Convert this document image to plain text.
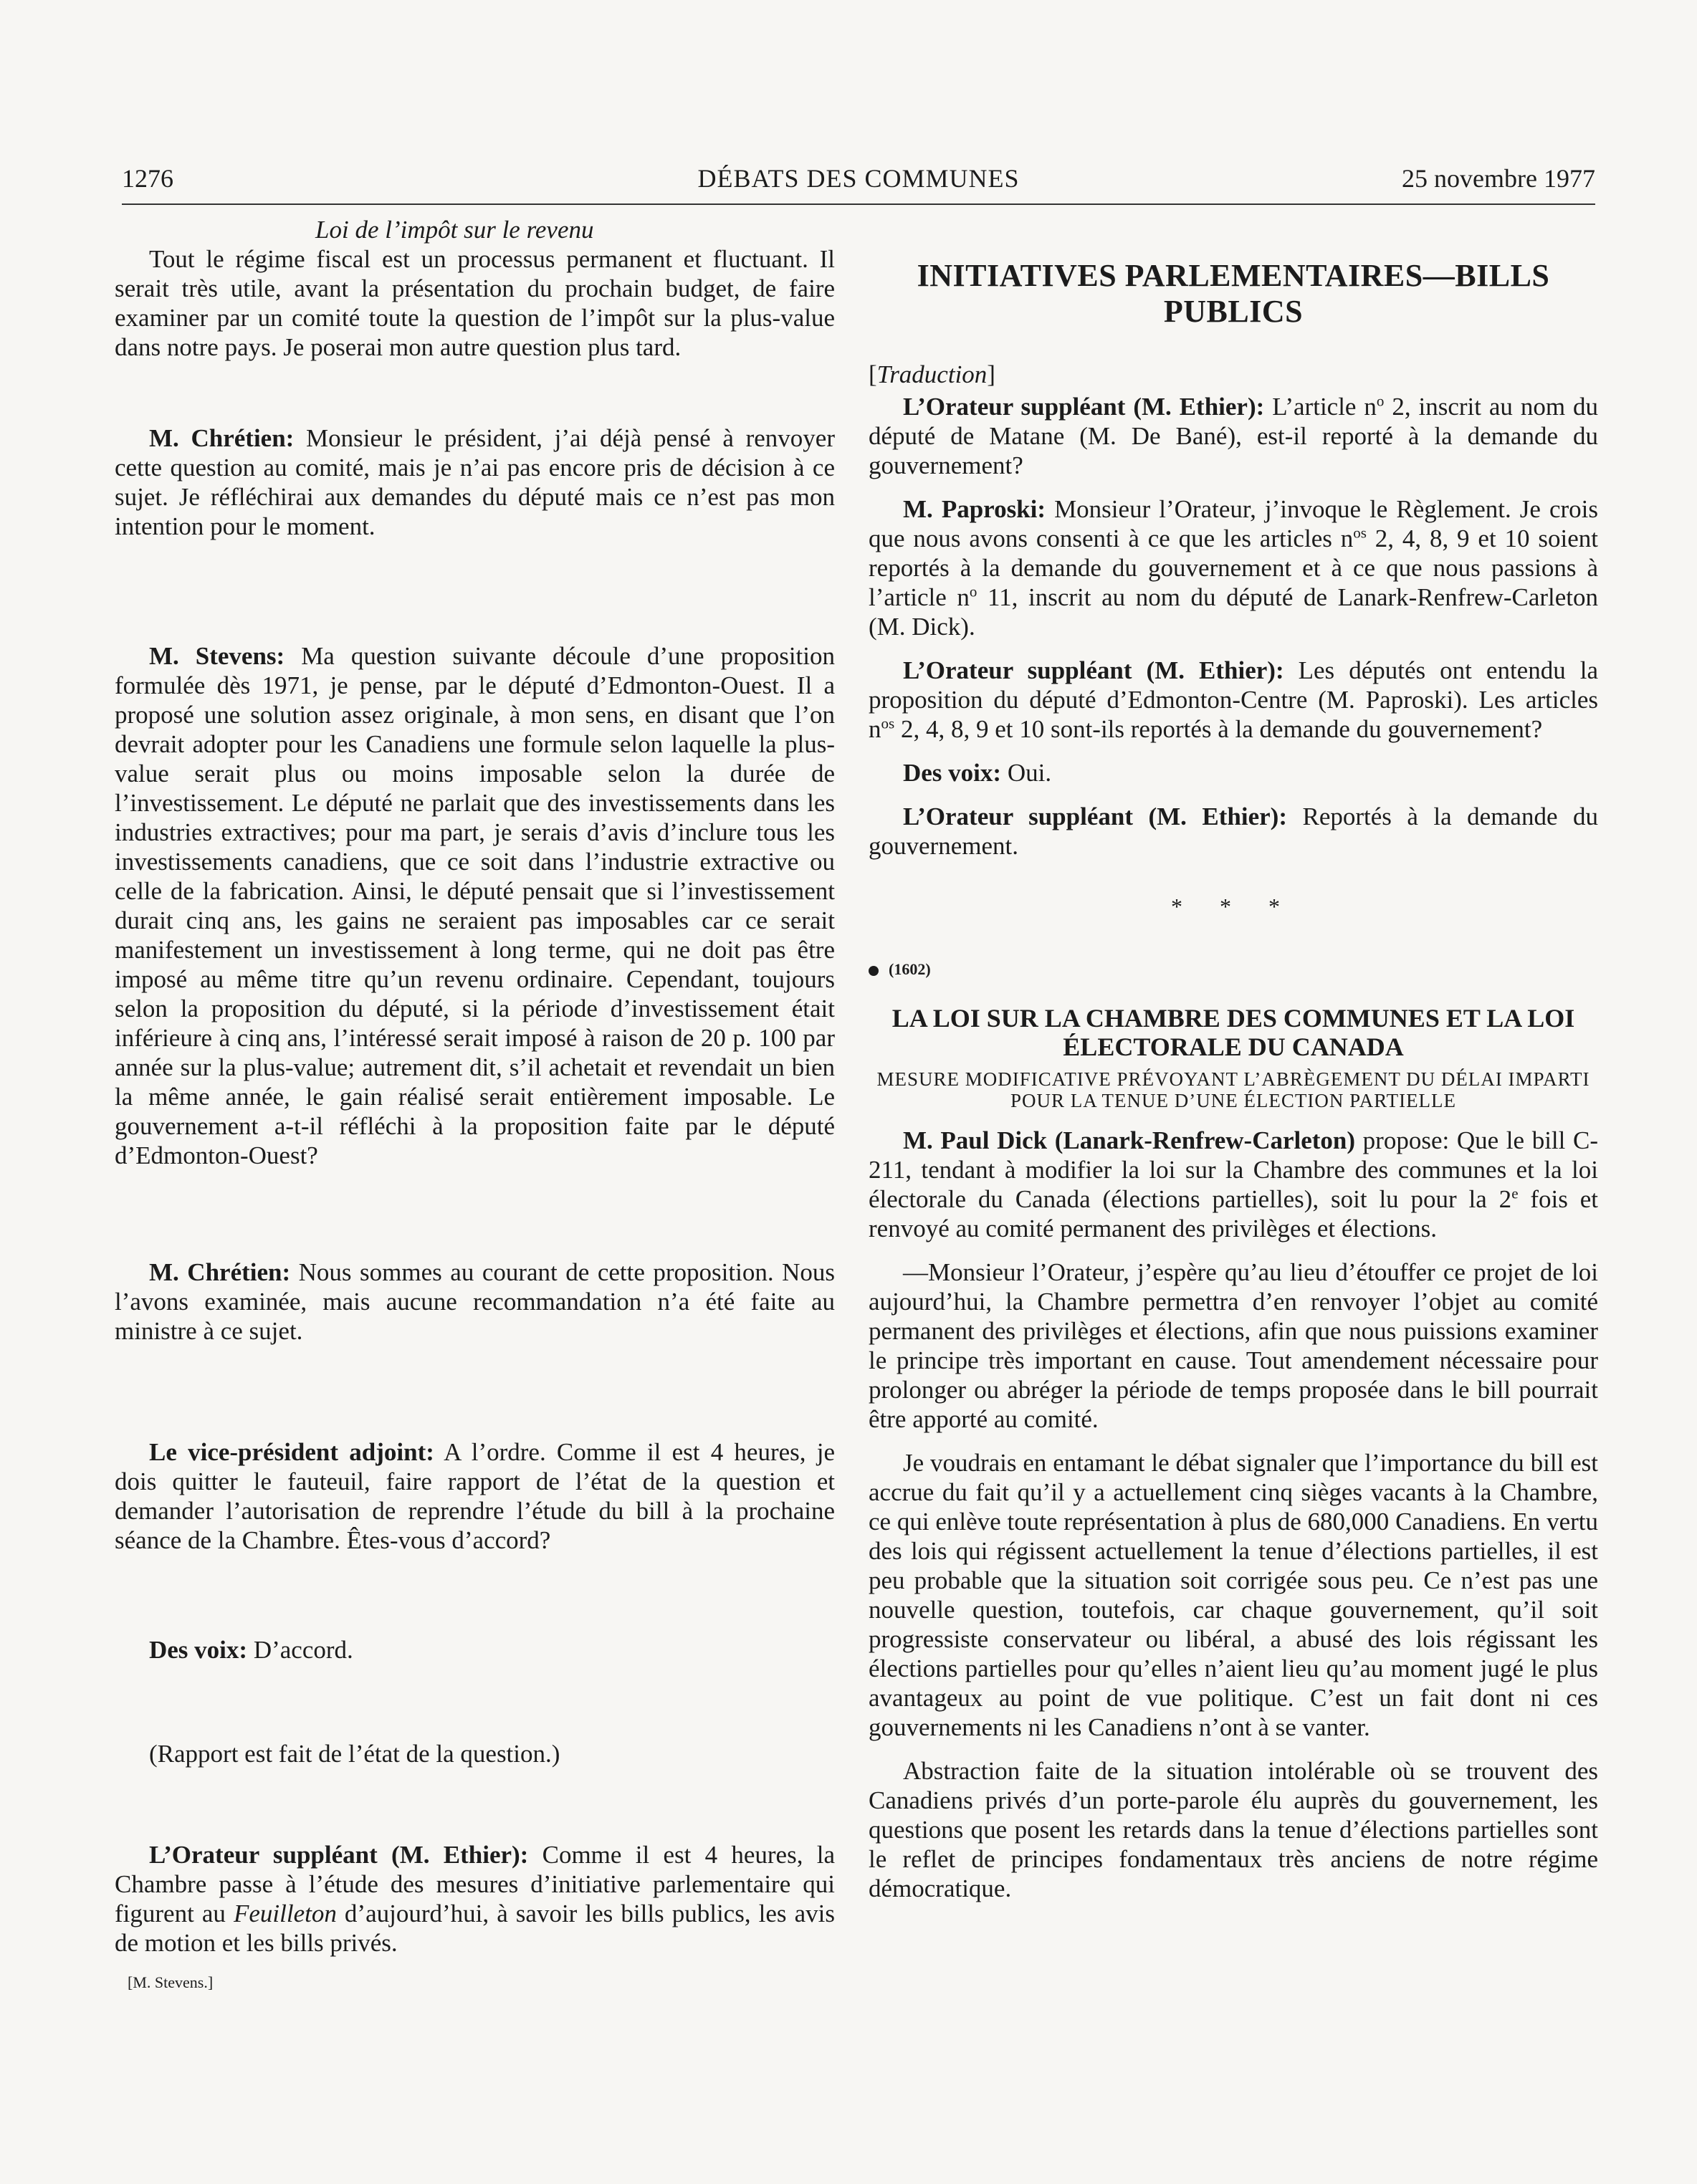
1276	DÉBATS DES COMMUNES	25 novembre 1977
Loi de l’impôt sur le revenu

Tout le régime fiscal est un processus permanent et fluctuant. Il serait très utile, avant la présentation du prochain budget, de faire examiner par un comité toute la question de l’impôt sur la plus-value dans notre pays. Je poserai mon autre question plus tard.

M. Chrétien: Monsieur le président, j’ai déjà pensé à renvoyer cette question au comité, mais je n’ai pas encore pris de décision à ce sujet. Je réfléchirai aux demandes du député mais ce n’est pas mon intention pour le moment.

M. Stevens: Ma question suivante découle d’une proposition formulée dès 1971, je pense, par le député d’Edmonton-Ouest. Il a proposé une solution assez originale, à mon sens, en disant que l’on devrait adopter pour les Canadiens une formule selon laquelle la plus-value serait plus ou moins imposable selon la durée de l’investissement. Le député ne parlait que des investissements dans les industries extractives; pour ma part, je serais d’avis d’inclure tous les investissements canadiens, que ce soit dans l’industrie extractive ou celle de la fabrication. Ainsi, le député pensait que si l’investissement durait cinq ans, les gains ne seraient pas imposables car ce serait manifestement un investissement à long terme, qui ne doit pas être imposé au même titre qu’un revenu ordinaire. Cependant, toujours selon la proposition du député, si la période d’investissement était inférieure à cinq ans, l’intéressé serait imposé à raison de 20 p. 100 par année sur la plus-value; autrement dit, s’il achetait et revendait un bien la même année, le gain réalisé serait entièrement imposable. Le gouvernement a-t-il réfléchi à la proposition faite par le député d’Edmonton-Ouest?

M. Chrétien: Nous sommes au courant de cette proposition. Nous l’avons examinée, mais aucune recommandation n’a été faite au ministre à ce sujet.

Le vice-président adjoint: A l’ordre. Comme il est 4 heures, je dois quitter le fauteuil, faire rapport de l’état de la question et demander l’autorisation de reprendre l’étude du bill à la prochaine séance de la Chambre. Êtes-vous d’accord?

Des voix: D’accord.

(Rapport est fait de l’état de la question.)

L’Orateur suppléant (M. Ethier): Comme il est 4 heures, la Chambre passe à l’étude des mesures d’initiative parlementaire qui figurent au Feuilleton d’aujourd’hui, à savoir les bills publics, les avis de motion et les bills privés.

[M. Stevens.]
INITIATIVES PARLEMENTAIRES—BILLS PUBLICS

[Traduction]

L’Orateur suppléant (M. Ethier): L’article $n^o$ 2, inscrit au nom du député de Matane (M. De Bané), est-il reporté à la demande du gouvernement?

M. Paproski: Monsieur l’Orateur, j’invoque le Règlement. Je crois que nous avons consenti à ce que les articles $n^{os}$ 2, 4, 8, 9 et 10 soient reportés à la demande du gouvernement et à ce que nous passions à l’article $n^o$ 11, inscrit au nom du député de Lanark-Renfrew-Carleton (M. Dick).

L’Orateur suppléant (M. Ethier): Les députés ont entendu la proposition du député d’Edmonton-Centre (M. Paproski). Les articles $n^{os}$ 2, 4, 8, 9 et 10 sont-ils reportés à la demande du gouvernement?

Des voix: Oui.

L’Orateur suppléant (M. Ethier): Reportés à la demande du gouvernement.

* * *

(1602)

LA LOI SUR LA CHAMBRE DES COMMUNES ET LA LOI ÉLECTORALE DU CANADA
MESURE MODIFICATIVE PRÉVOYANT L’ABRÈGEMENT DU DÉLAI IMPARTI POUR LA TENUE D’UNE ÉLECTION PARTIELLE

M. Paul Dick (Lanark-Renfrew-Carleton) propose: Que le bill C-211, tendant à modifier la loi sur la Chambre des communes et la loi électorale du Canada (élections partielles), soit lu pour la 2e fois et renvoyé au comité permanent des privilèges et élections.

—Monsieur l’Orateur, j’espère qu’au lieu d’étouffer ce projet de loi aujourd’hui, la Chambre permettra d’en renvoyer l’objet au comité permanent des privilèges et élections, afin que nous puissions examiner le principe très important en cause. Tout amendement nécessaire pour prolonger ou abréger la période de temps proposée dans le bill pourrait être apporté au comité.

Je voudrais en entamant le débat signaler que l’importance du bill est accrue du fait qu’il y a actuellement cinq sièges vacants à la Chambre, ce qui enlève toute représentation à plus de 680,000 Canadiens. En vertu des lois qui régissent actuellement la tenue d’élections partielles, il est peu probable que la situation soit corrigée sous peu. Ce n’est pas une nouvelle question, toutefois, car chaque gouvernement, qu’il soit progressiste conservateur ou libéral, a abusé des lois régissant les élections partielles pour qu’elles n’aient lieu qu’au moment jugé le plus avantageux au point de vue politique. C’est un fait dont ni ces gouvernements ni les Canadiens n’ont à se vanter.

Abstraction faite de la situation intolérable où se trouvent des Canadiens privés d’un porte-parole élu auprès du gouvernement, les questions que posent les retards dans la tenue d’élections partielles sont le reflet de principes fondamentaux très anciens de notre régime démocratique.
